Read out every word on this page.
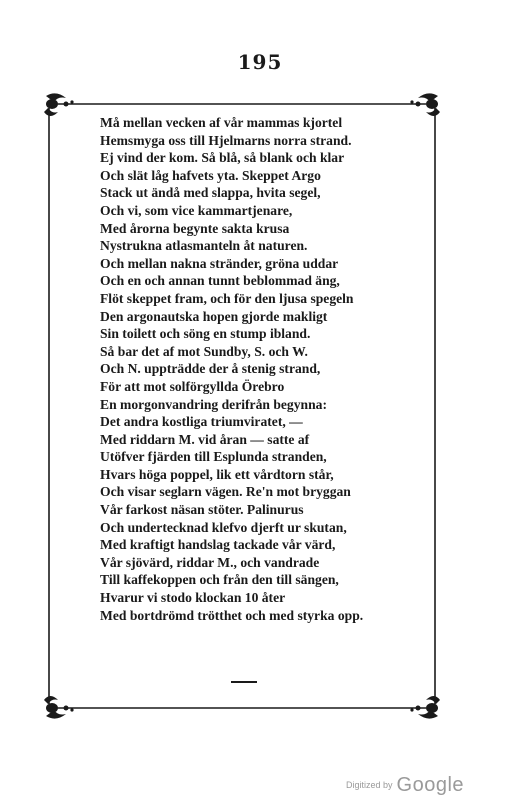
195
Må mellan vecken af vår mammas kjortel
Hemsmyga oss till Hjelmarns norra strand.
Ej vind der kom. Så blå, så blank och klar
Och slät låg hafvets yta. Skeppet Argo
Stack ut ändå med slappa, hvita segel,
Och vi, som vice kammartjenare,
Med årorna begynte sakta krusa
Nystrukna atlasmanteln åt naturen.
Och mellan nakna stränder, gröna uddar
Och en och annan tunnt beblommad äng,
Flöt skeppet fram, och för den ljusa spegeln
Den argonautska hopen gjorde makligt
Sin toilett och söng en stump ibland.
Så bar det af mot Sundby, S. och W.
Och N. uppträdde der å stenig strand,
För att mot solförgyllda Örebro
En morgonvandring derifrån begynna:
Det andra kostliga triumviratet, —
Med riddarn M. vid åran — satte af
Utöfver fjärden till Esplunda stranden,
Hvars höga poppel, lik ett vårdtorn står,
Och visar seglarn vägen. Re'n mot bryggan
Vår farkost näsan stöter. Palinurus
Och undertecknad klefvo djerft ur skutan,
Med kraftigt handslag tackade vår värd,
Vår sjövärd, riddar M., och vandrade
Till kaffekoppen och från den till sängen,
Hvarur vi stodo klockan 10 åter
Med bortdrömd trötthet och med styrka opp.
Digitized by Google
